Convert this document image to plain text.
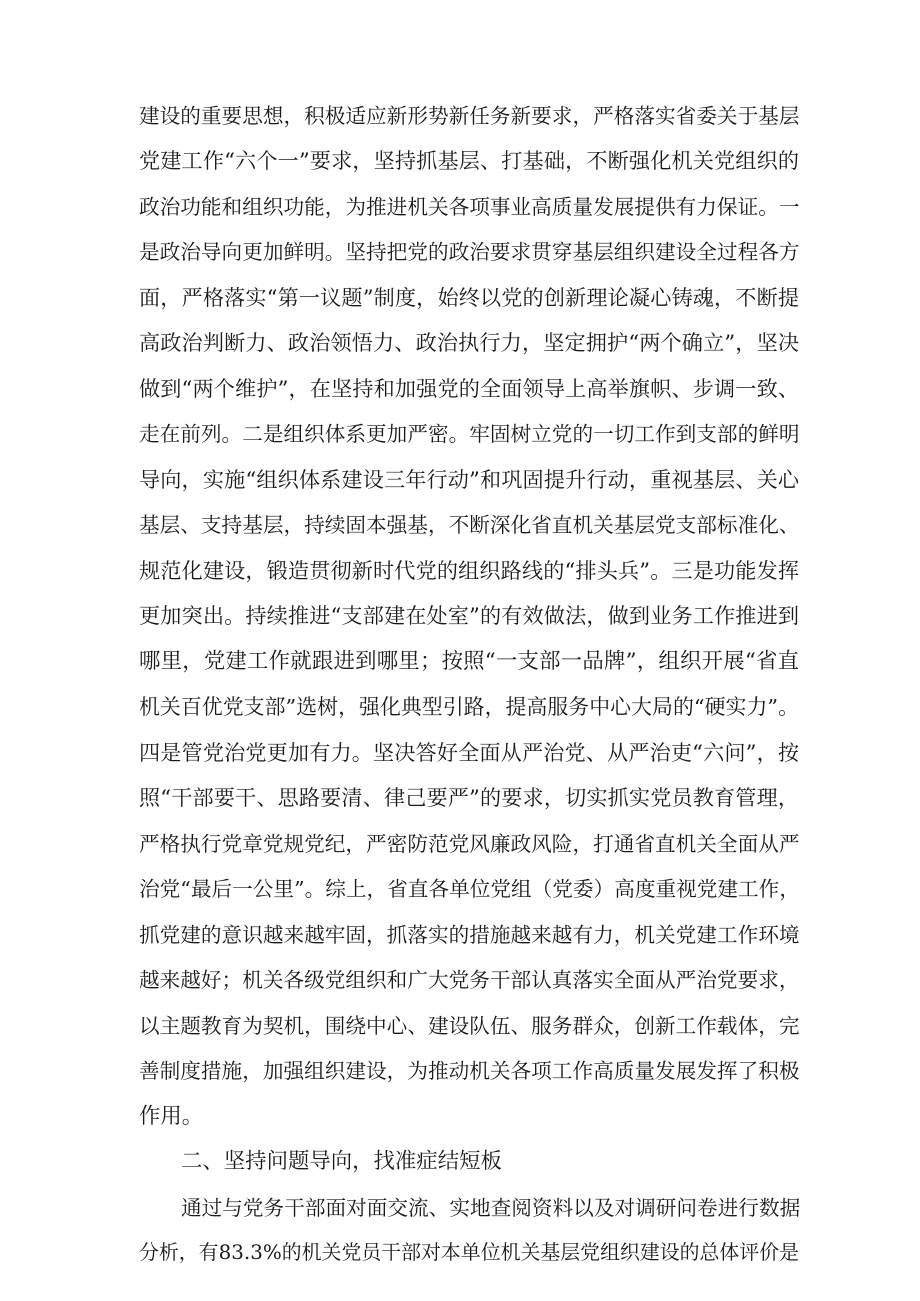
建设的重要思想，积极适应新形势新任务新要求，严格落实省委关于基层
党建工作“六个一”要求，坚持抓基层、打基础，不断强化机关党组织的
政治功能和组织功能，为推进机关各项事业高质量发展提供有力保证。一
是政治导向更加鲜明。坚持把党的政治要求贯穿基层组织建设全过程各方
面，严格落实“第一议题”制度，始终以党的创新理论凝心铸魂，不断提
高政治判断力、政治领悟力、政治执行力，坚定拥护“两个确立”，坚决
做到“两个维护”，在坚持和加强党的全面领导上高举旗帜、步调一致、
走在前列。二是组织体系更加严密。牢固树立党的一切工作到支部的鲜明
导向，实施“组织体系建设三年行动”和巩固提升行动，重视基层、关心
基层、支持基层，持续固本强基，不断深化省直机关基层党支部标准化、
规范化建设，锻造贯彻新时代党的组织路线的“排头兵”。三是功能发挥
更加突出。持续推进“支部建在处室”的有效做法，做到业务工作推进到
哪里，党建工作就跟进到哪里；按照“一支部一品牌”，组织开展“省直
机关百优党支部”选树，强化典型引路，提高服务中心大局的“硬实力”。
四是管党治党更加有力。坚决答好全面从严治党、从严治吏“六问”，按
照“干部要干、思路要清、律己要严”的要求，切实抓实党员教育管理，
严格执行党章党规党纪，严密防范党风廉政风险，打通省直机关全面从严
治党“最后一公里”。综上，省直各单位党组（党委）高度重视党建工作，
抓党建的意识越来越牢固，抓落实的措施越来越有力，机关党建工作环境
越来越好；机关各级党组织和广大党务干部认真落实全面从严治党要求，
以主题教育为契机，围绕中心、建设队伍、服务群众，创新工作载体，完
善制度措施，加强组织建设，为推动机关各项工作高质量发展发挥了积极
作用。
二、坚持问题导向，找准症结短板
通过与党务干部面对面交流、实地查阅资料以及对调研问卷进行数据
分析，有83.3%的机关党员干部对本单位机关基层党组织建设的总体评价是
